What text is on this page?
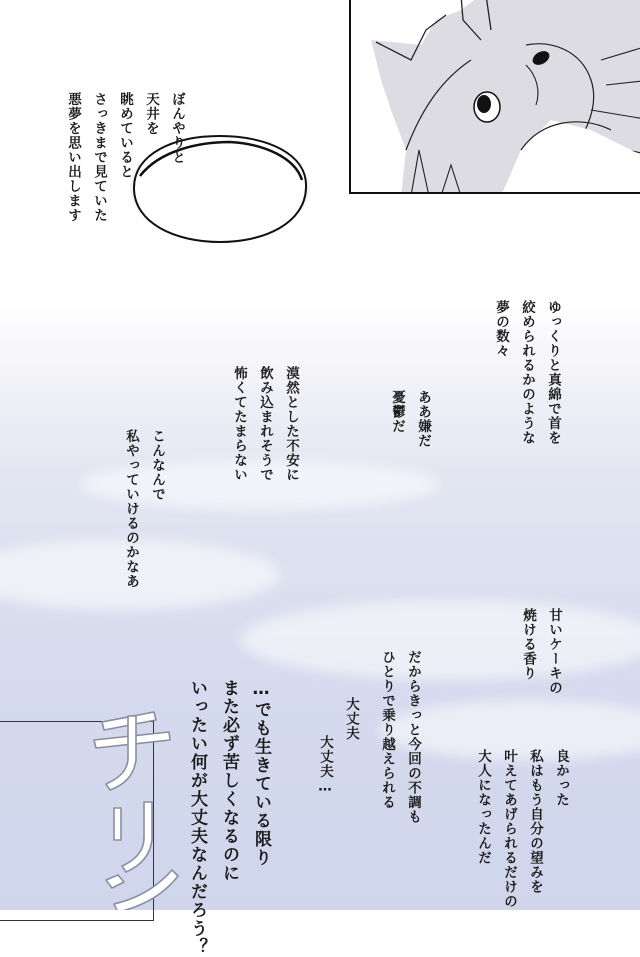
ぼんやりと
天井を
眺めていると
さっきまで見ていた
悪夢を思い出します

ゆっくりと真綿で首を
絞められるかのような
夢の数々

ああ嫌だ
憂鬱だ

漠然とした不安に
飲み込まれそうで
怖くてたまらない

こんなんで
私やっていけるのかなあ

甘いケーキの
焼ける香り

だからきっと今回の不調も
ひとりで乗り越えられる

大丈夫
大丈夫…	良かった
私はもう自分の望みを
叶えてあげられるだけの
大人になったんだ

…でも生きている限り
また必ず苦しくなるのに
いったい何が大丈夫なんだろう？
